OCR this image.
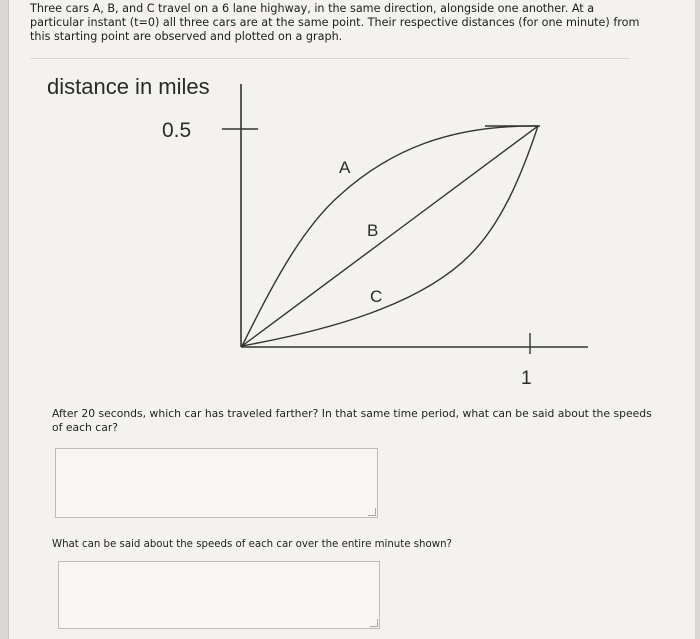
Three cars A, B, and C travel on a 6 lane highway, in the same direction, alongside one another. At a particular instant (t=0) all three cars are at the same point. Their respective distances (for one minute) from this starting point are observed and plotted on a graph.

distance in miles
0.5
1
A
B
C

After 20 seconds, which car has traveled farther? In that same time period, what can be said about the speeds of each car?

What can be said about the speeds of each car over the entire minute shown?
